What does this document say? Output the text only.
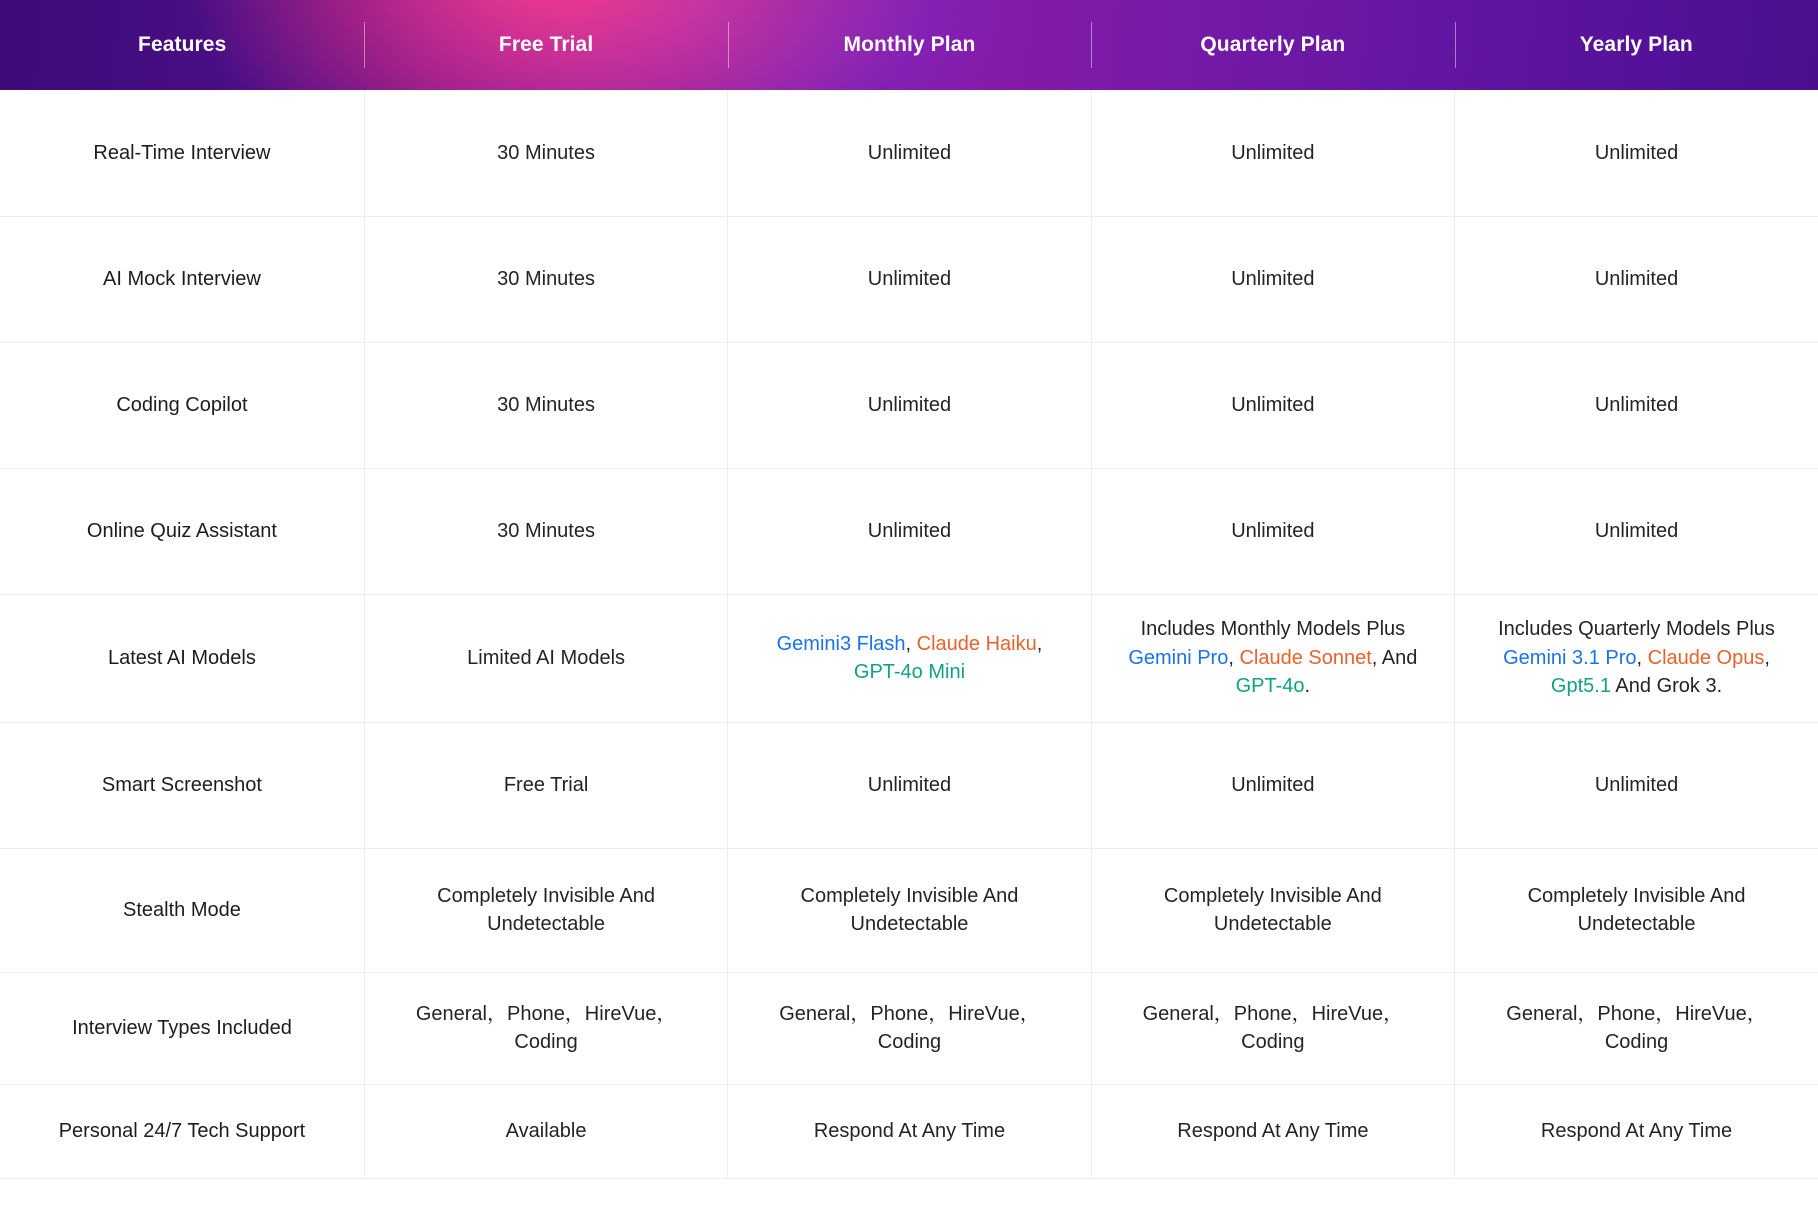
Features	Free Trial	Monthly Plan	Quarterly Plan	Yearly Plan
Real-Time Interview	30 Minutes	Unlimited	Unlimited	Unlimited
AI Mock Interview	30 Minutes	Unlimited	Unlimited	Unlimited
Coding Copilot	30 Minutes	Unlimited	Unlimited	Unlimited
Online Quiz Assistant	30 Minutes	Unlimited	Unlimited	Unlimited
Latest AI Models	Limited AI Models	Gemini3 Flash, Claude Haiku, GPT-4o Mini	Includes Monthly Models Plus Gemini Pro, Claude Sonnet, And GPT-4o.	Includes Quarterly Models Plus Gemini 3.1 Pro, Claude Opus, Gpt5.1 And Grok 3.

Smart Screenshot	Free Trial	Unlimited	Unlimited	Unlimited
Stealth Mode	Completely Invisible And Undetectable	Completely Invisible And Undetectable	Completely Invisible And Undetectable	Completely Invisible And Undetectable

Interview Types Included	General，Phone，HireVue，Coding	General，Phone，HireVue，Coding	General，Phone，HireVue，Coding	General，Phone，HireVue，Coding

Personal 24/7 Tech Support	Available	Respond At Any Time	Respond At Any Time	Respond At Any Time
